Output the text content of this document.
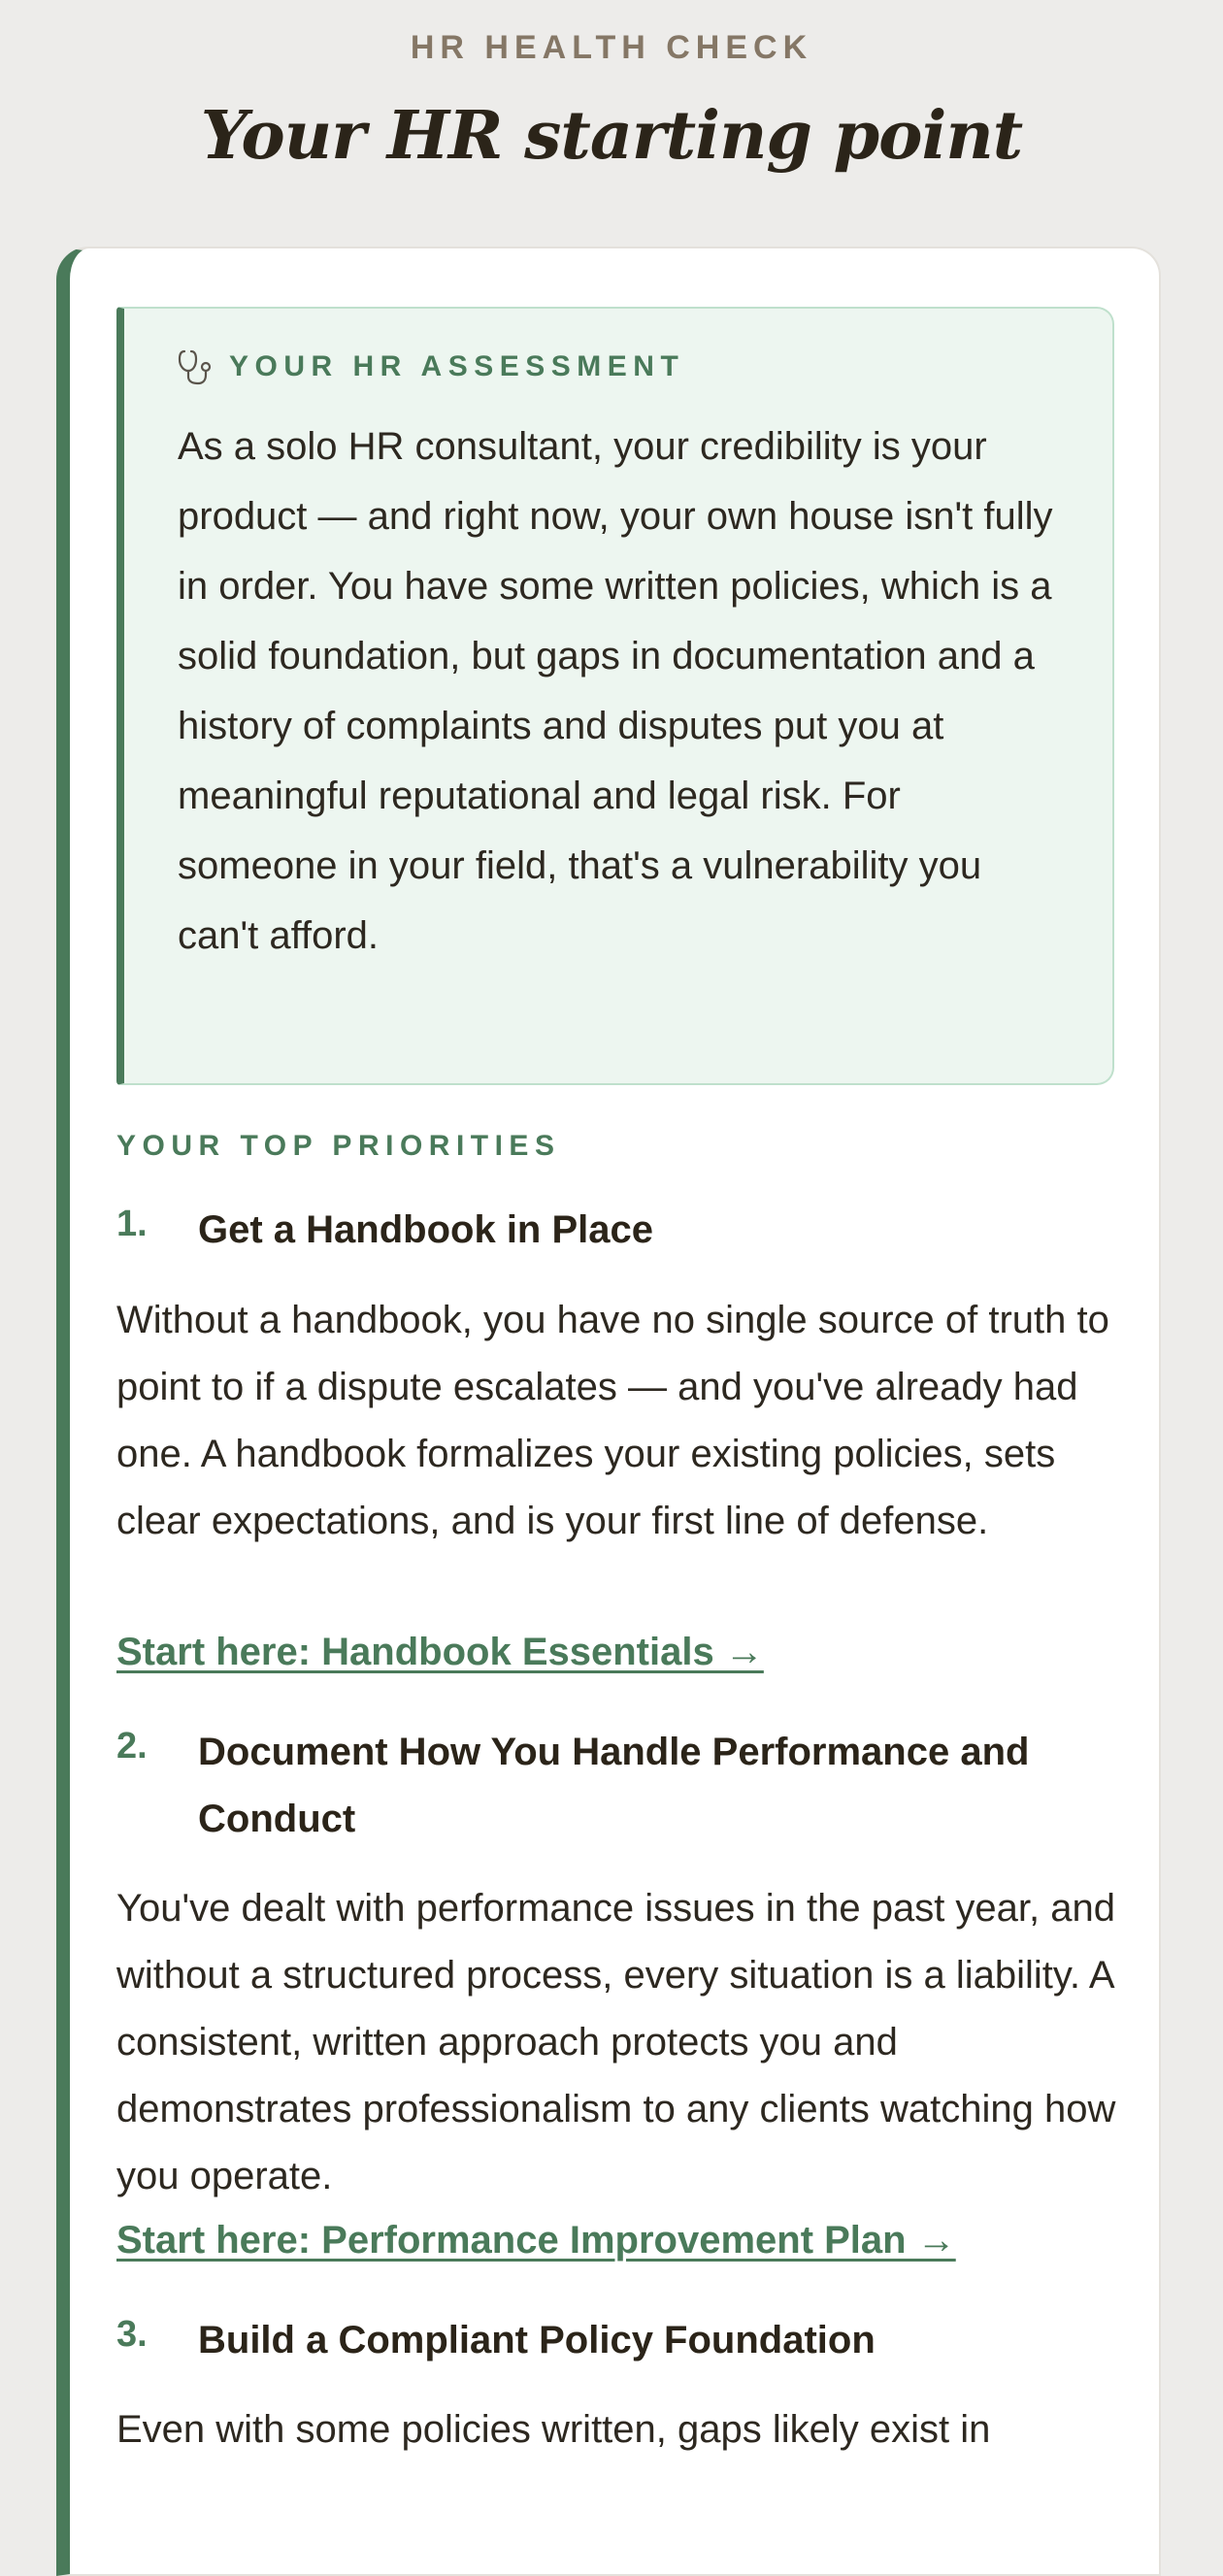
HR HEALTH CHECK
Your HR starting point
YOUR HR ASSESSMENT

As a solo HR consultant, your credibility is your product — and right now, your own house isn't fully in order. You have some written policies, which is a solid foundation, but gaps in documentation and a history of complaints and disputes put you at meaningful reputational and legal risk. For someone in your field, that's a vulnerability you can't afford.

YOUR TOP PRIORITIES
1. Get a Handbook in Place

Without a handbook, you have no single source of truth to point to if a dispute escalates — and you've already had one. A handbook formalizes your existing policies, sets clear expectations, and is your first line of defense.

Start here: Handbook Essentials →
2. Document How You Handle Performance and Conduct

You've dealt with performance issues in the past year, and without a structured process, every situation is a liability. A consistent, written approach protects you and demonstrates professionalism to any clients watching how you operate.

Start here: Performance Improvement Plan →
3. Build a Compliant Policy Foundation

Even with some policies written, gaps likely exist in
